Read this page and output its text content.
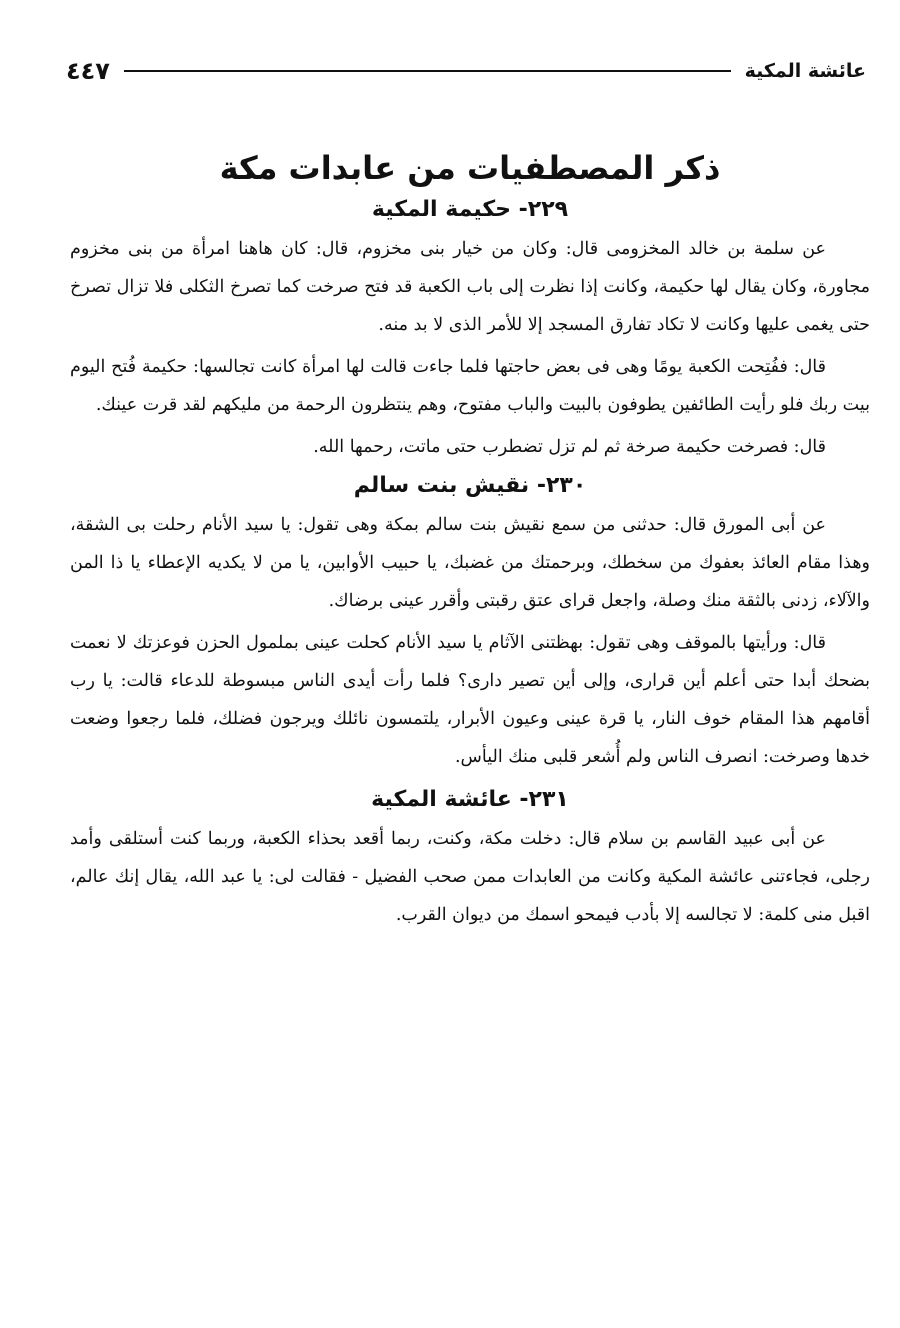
عائشة المكية
٤٤٧
ذكر المصطفيات من عابدات مكة
٢٢٩- حكيمة المكية

عن سلمة بن خالد المخزومى قال: وكان من خيار بنى مخزوم، قال: كان هاهنا امرأة من بنى مخزوم مجاورة، وكان يقال لها حكيمة، وكانت إذا نظرت إلى باب الكعبة قد فتح صرخت كما تصرخ الثكلى فلا تزال تصرخ حتى يغمى عليها وكانت لا تكاد تفارق المسجد إلا للأمر الذى لا بد منه.

قال: ففُتِحت الكعبة يومًا وهى فى بعض حاجتها فلما جاءت قالت لها امرأة كانت تجالسها: حكيمة فُتح اليوم بيت ربك فلو رأيت الطائفين يطوفون بالبيت والباب مفتوح، وهم ينتظرون الرحمة من مليكهم لقد قرت عينك.

قال: فصرخت حكيمة صرخة ثم لم تزل تضطرب حتى ماتت، رحمها الله.

٢٣٠- نقيش بنت سالم

عن أبى المورق قال: حدثنى من سمع نقيش بنت سالم بمكة وهى تقول: يا سيد الأنام رحلت بى الشقة، وهذا مقام العائذ بعفوك من سخطك، وبرحمتك من غضبك، يا حبيب الأوابين، يا من لا يكديه الإعطاء يا ذا المن والآلاء، زدنى بالثقة منك وصلة، واجعل قراى عتق رقبتى وأقرر عينى برضاك.

قال: ورأيتها بالموقف وهى تقول: بهظتنى الآثام يا سيد الأنام كحلت عينى بملمول الحزن فوعزتك لا نعمت بضحك أبدا حتى أعلم أين قرارى، وإلى أين تصير دارى؟ فلما رأت أيدى الناس مبسوطة للدعاء قالت: يا رب أقامهم هذا المقام خوف النار، يا قرة عينى وعيون الأبرار، يلتمسون نائلك ويرجون فضلك، فلما رجعوا وضعت خدها وصرخت: انصرف الناس ولم أُشعر قلبى منك اليأس.

٢٣١- عائشة المكية

عن أبى عبيد القاسم بن سلام قال: دخلت مكة، وكنت، ربما أقعد بحذاء الكعبة، وربما كنت أستلقى وأمد رجلى، فجاءتنى عائشة المكية وكانت من العابدات ممن صحب الفضيل - فقالت لى: يا عبد الله، يقال إنك عالم، اقبل منى كلمة: لا تجالسه إلا بأدب فيمحو اسمك من ديوان القرب.
